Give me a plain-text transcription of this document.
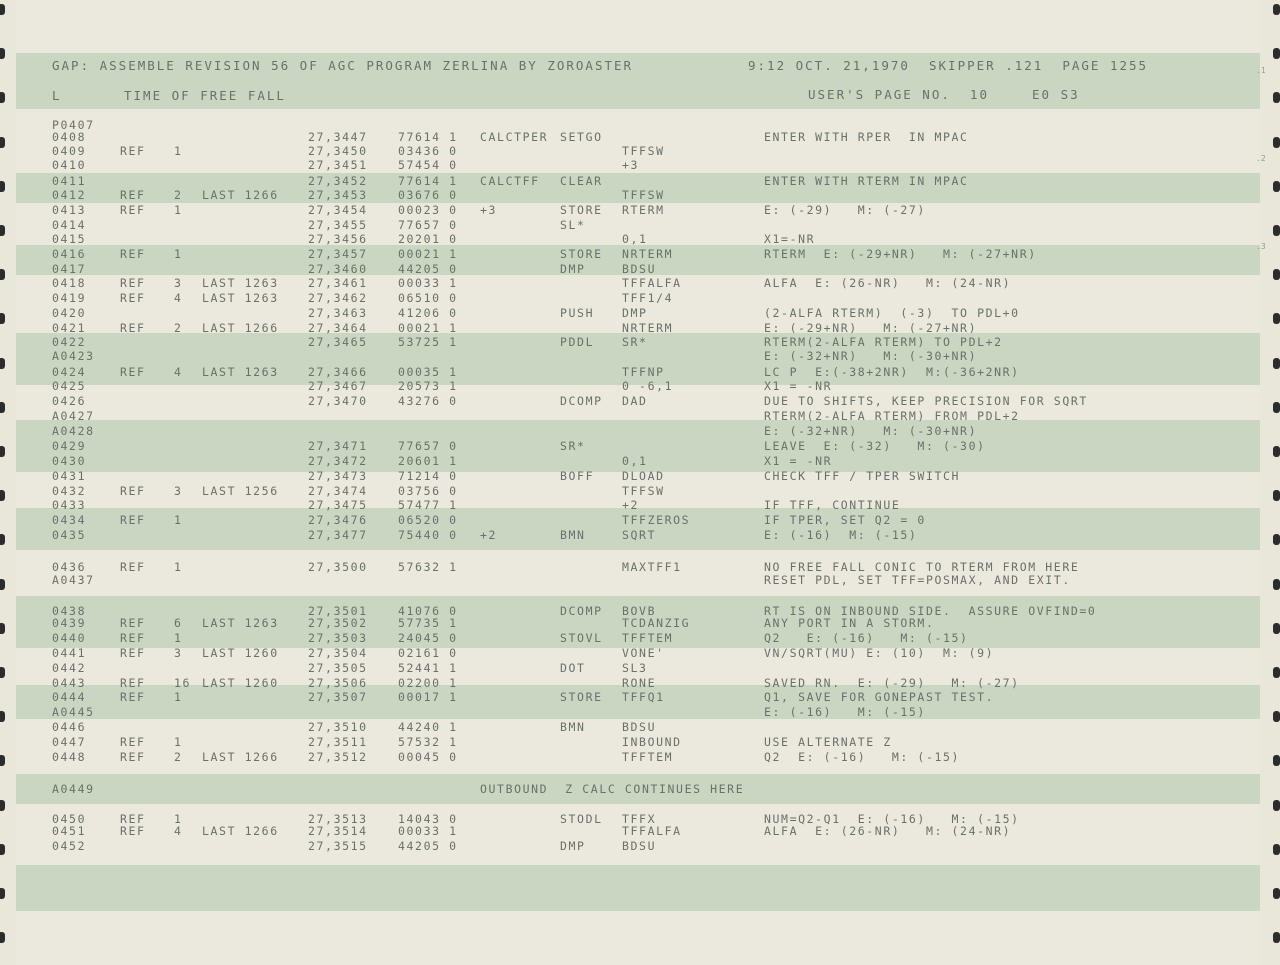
GAP: ASSEMBLE REVISION 56 OF AGC PROGRAM ZERLINA BY ZOROASTER	9:12 OCT. 21,1970  SKIPPER .121  PAGE 1255
L	TIME OF FREE FALL	USER'S PAGE NO.  10	E0 S3
P0407
0408	27,3447	77614 1 CALCTPER SETGO	ENTER WITH RPER  IN MPAC
0409	REF 1	27,3450	03436 0	TFFSW
0410	27,3451	57454 0	+3
0411	27,3452	77614 1 CALCTFF CLEAR	ENTER WITH RTERM IN MPAC
0412	REF 2 LAST 1266	27,3453	03676 0	TFFSW
0413	REF 1	27,3454	00023 0 +3	STORE RTERM	E: (-29)   M: (-27)
0414	27,3455	77657 0	SL*
0415	27,3456	20201 0	0,1	X1=-NR
0416	REF 1	27,3457	00021 1	STORE NRTERM	RTERM  E: (-29+NR)   M: (-27+NR)
0417	27,3460	44205 0	DMP	BDSU
0418	REF 3 LAST 1263	27,3461	00033 1	TFFALFA	ALFA  E: (26-NR)   M: (24-NR)
0419	REF 4 LAST 1263	27,3462	06510 0	TFF1/4
0420	27,3463	41206 0	PUSH DMP	(2-ALFA RTERM)  (-3)  TO PDL+0
0421	REF 2 LAST 1266	27,3464	00021 1	NRTERM	E: (-29+NR)   M: (-27+NR)
0422	27,3465	53725 1	PDDL SR*	RTERM(2-ALFA RTERM) TO PDL+2
A0423	E: (-32+NR)   M: (-30+NR)
0424	REF 4 LAST 1263	27,3466	00035 1	TFFNP	LC P  E:(-38+2NR)  M:(-36+2NR)
0425	27,3467	20573 1	0 -6,1	X1 = -NR
0426	27,3470	43276 0	DCOMP DAD	DUE TO SHIFTS, KEEP PRECISION FOR SQRT
A0427	RTERM(2-ALFA RTERM) FROM PDL+2
A0428	E: (-32+NR)   M: (-30+NR)
0429	27,3471	77657 0	SR*	LEAVE  E: (-32)   M: (-30)
0430	27,3472	20601 1	0,1	X1 = -NR
0431	27,3473	71214 0	BOFF DLOAD	CHECK TFF / TPER SWITCH
0432	REF 3 LAST 1256	27,3474	03756 0	TFFSW
0433	27,3475	57477 1	+2	IF TFF, CONTINUE
0434	REF 1	27,3476	06520 0	TFFZEROS	IF TPER, SET Q2 = 0
0435	27,3477	75440 0 +2	BMN	SQRT	E: (-16)  M: (-15)
0436	REF 1	27,3500	57632 1	MAXTFF1	NO FREE FALL CONIC TO RTERM FROM HERE
A0437	RESET PDL, SET TFF=POSMAX, AND EXIT.
0438	27,3501	41076 0	DCOMP BOVB	RT IS ON INBOUND SIDE.  ASSURE OVFIND=0
0439	REF 6 LAST 1263	27,3502	57735 1	TCDANZIG	ANY PORT IN A STORM.
0440	REF 1	27,3503	24045 0	STOVL TFFTEM	Q2   E: (-16)   M: (-15)
0441	REF 3 LAST 1260	27,3504	02161 0	VONE'	VN/SQRT(MU) E: (10)  M: (9)
0442	27,3505	52441 1	DOT	SL3
0443	REF 16 LAST 1260	27,3506	02200 1	RONE	SAVED RN.  E: (-29)   M: (-27)
0444	REF 1	27,3507	00017 1	STORE TFFQ1	Q1, SAVE FOR GONEPAST TEST.
A0445	E: (-16)   M: (-15)
0446	27,3510	44240 1	BMN	BDSU
0447	REF 1	27,3511	57532 1	INBOUND	USE ALTERNATE Z
0448	REF 2 LAST 1266	27,3512	00045 0	TFFTEM	Q2  E: (-16)   M: (-15)
A0449	OUTBOUND  Z CALC CONTINUES HERE
0450	REF 1	27,3513	14043 0	STODL TFFX	NUM=Q2-Q1  E: (-16)   M: (-15)
0451	REF 4 LAST 1266	27,3514	00033 1	TFFALFA	ALFA  E: (26-NR)   M: (24-NR)
0452	27,3515	44205 0	DMP	BDSU
.1
.2
.3
